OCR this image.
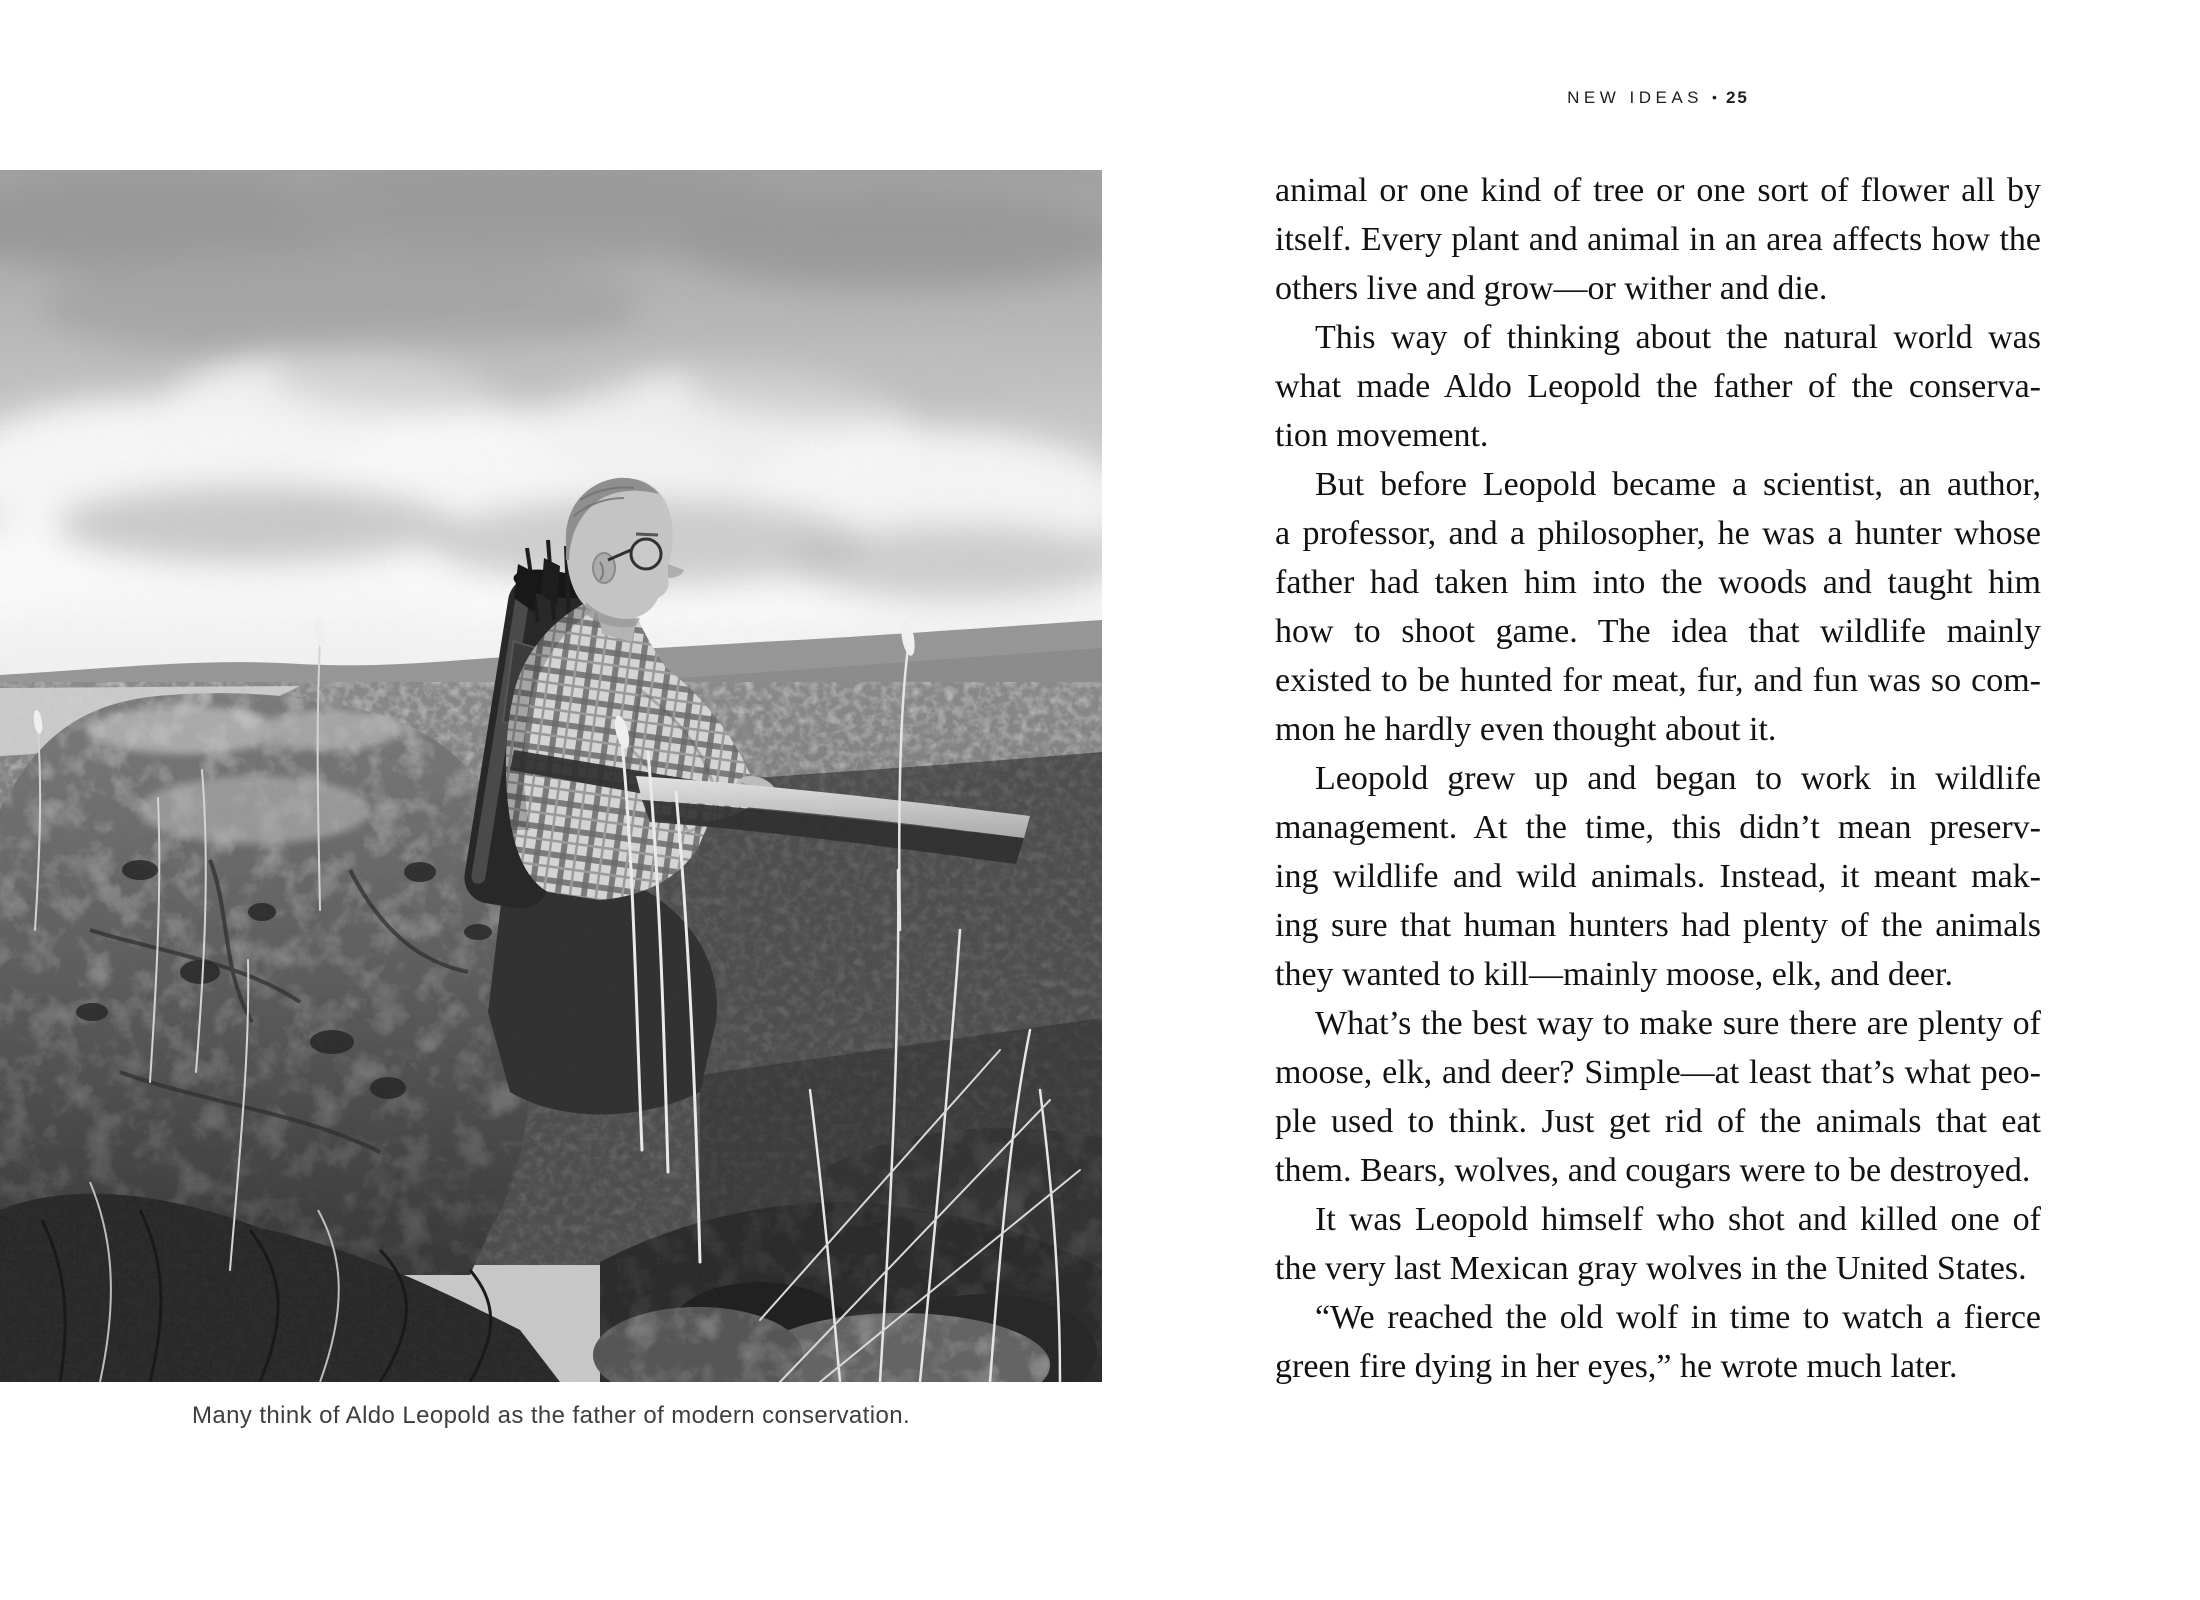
NEW IDEAS • 25
Many think of Aldo Leopold as the father of modern conservation.
animal or one kind of tree or one sort of flower all by
itself. Every plant and animal in an area affects how the
others live and grow—or wither and die.
This way of thinking about the natural world was
what made Aldo Leopold the father of the conserva-
tion movement.
But before Leopold became a scientist, an author,
a professor, and a philosopher, he was a hunter whose
father had taken him into the woods and taught him
how to shoot game. The idea that wildlife mainly
existed to be hunted for meat, fur, and fun was so com-
mon he hardly even thought about it.
Leopold grew up and began to work in wildlife
management. At the time, this didn’t mean preserv-
ing wildlife and wild animals. Instead, it meant mak-
ing sure that human hunters had plenty of the animals
they wanted to kill—mainly moose, elk, and deer.
What’s the best way to make sure there are plenty of
moose, elk, and deer? Simple—at least that’s what peo-
ple used to think. Just get rid of the animals that eat
them. Bears, wolves, and cougars were to be destroyed.
It was Leopold himself who shot and killed one of
the very last Mexican gray wolves in the United States.
“We reached the old wolf in time to watch a fierce
green fire dying in her eyes,” he wrote much later.
